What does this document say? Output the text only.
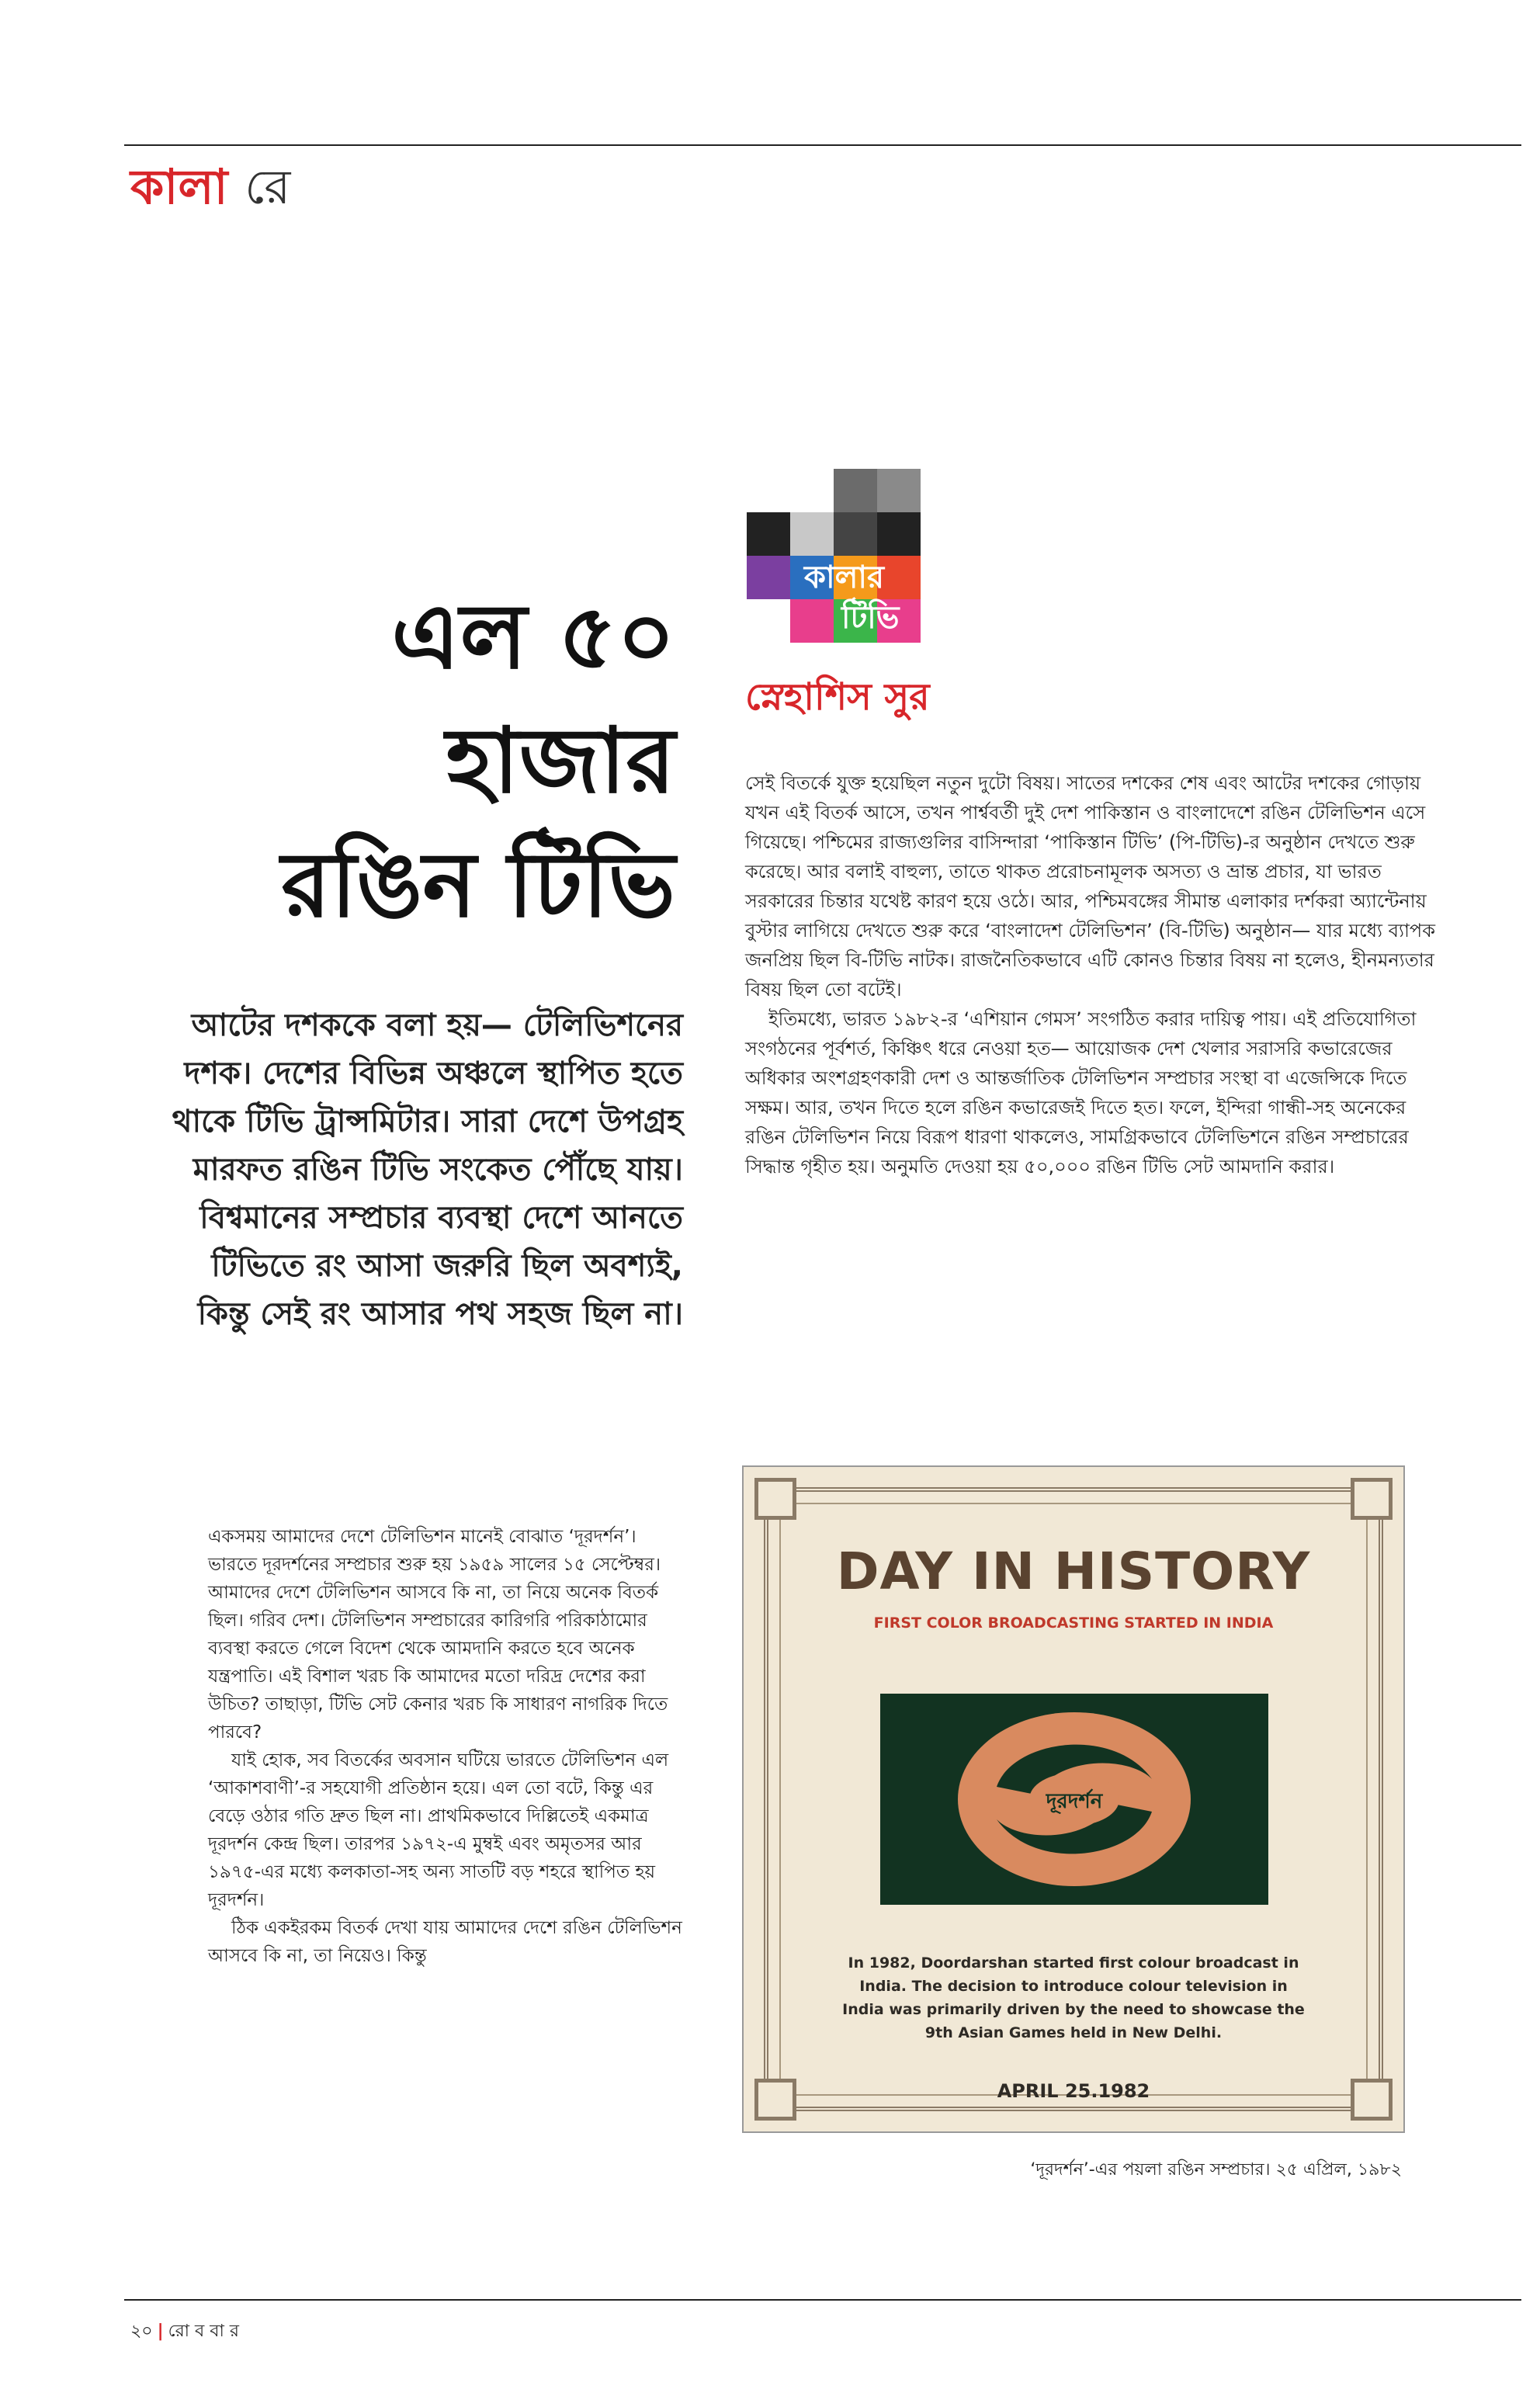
কালা রে
কালার
টিভি
এল ৫০
হাজার
রঙিন টিভি
আটের দশককে বলা হয়— টেলিভিশনের দশক। দেশের বিভিন্ন অঞ্চলে স্থাপিত হতে থাকে টিভি ট্রান্সমিটার। সারা দেশে উপগ্রহ মারফত রঙিন টিভি সংকেত পৌঁছে যায়। বিশ্বমানের সম্প্রচার ব্যবস্থা দেশে আনতে টিভিতে রং আসা জরুরি ছিল অবশ্যই, কিন্তু সেই রং আসার পথ সহজ ছিল না।
স্নেহাশিস সুর

সেই বিতর্কে যুক্ত হয়েছিল নতুন দুটো বিষয়। সাতের দশকের শেষ এবং আটের দশকের গোড়ায় যখন এই বিতর্ক আসে, তখন পার্শ্ববর্তী দুই দেশ পাকিস্তান ও বাংলাদেশে রঙিন টেলিভিশন এসে গিয়েছে। পশ্চিমের রাজ্যগুলির বাসিন্দারা ‘পাকিস্তান টিভি’ (পি-টিভি)-র অনুষ্ঠান দেখতে শুরু করেছে। আর বলাই বাহুল্য, তাতে থাকত প্ররোচনামূলক অসত্য ও ভ্রান্ত প্রচার, যা ভারত সরকারের চিন্তার যথেষ্ট কারণ হয়ে ওঠে। আর, পশ্চিমবঙ্গের সীমান্ত এলাকার দর্শকরা অ্যান্টেনায় বুস্টার লাগিয়ে দেখতে শুরু করে ‘বাংলাদেশ টেলিভিশন’ (বি-টিভি) অনুষ্ঠান— যার মধ্যে ব্যাপক জনপ্রিয় ছিল বি-টিভি নাটক। রাজনৈতিকভাবে এটি কোনও চিন্তার বিষয় না হলেও, হীনমন্যতার বিষয় ছিল তো বটেই।

ইতিমধ্যে, ভারত ১৯৮২-র ‘এশিয়ান গেমস’ সংগঠিত করার দায়িত্ব পায়। এই প্রতিযোগিতা সংগঠনের পূর্বশর্ত, কিঞ্চিৎ ধরে নেওয়া হত— আয়োজক দেশ খেলার সরাসরি কভারেজের অধিকার অংশগ্রহণকারী দেশ ও আন্তর্জাতিক টেলিভিশন সম্প্রচার সংস্থা বা এজেন্সিকে দিতে সক্ষম। আর, তখন দিতে হলে রঙিন কভারেজই দিতে হত। ফলে, ইন্দিরা গান্ধী-সহ অনেকের রঙিন টেলিভিশন নিয়ে বিরূপ ধারণা থাকলেও, সামগ্রিকভাবে টেলিভিশনে রঙিন সম্প্রচারের সিদ্ধান্ত গৃহীত হয়। অনুমতি দেওয়া হয় ৫০,০০০ রঙিন টিভি সেট আমদানি করার।

একসময় আমাদের দেশে টেলিভিশন মানেই বোঝাত ‘দূরদর্শন’। ভারতে দূরদর্শনের সম্প্রচার শুরু হয় ১৯৫৯ সালের ১৫ সেপ্টেম্বর। আমাদের দেশে টেলিভিশন আসবে কি না, তা নিয়ে অনেক বিতর্ক ছিল। গরিব দেশ। টেলিভিশন সম্প্রচারের কারিগরি পরিকাঠামোর ব্যবস্থা করতে গেলে বিদেশ থেকে আমদানি করতে হবে অনেক যন্ত্রপাতি। এই বিশাল খরচ কি আমাদের মতো দরিদ্র দেশের করা উচিত? তাছাড়া, টিভি সেট কেনার খরচ কি সাধারণ নাগরিক দিতে পারবে?

যাই হোক, সব বিতর্কের অবসান ঘটিয়ে ভারতে টেলিভিশন এল ‘আকাশবাণী’-র সহযোগী প্রতিষ্ঠান হয়ে। এল তো বটে, কিন্তু এর বেড়ে ওঠার গতি দ্রুত ছিল না। প্রাথমিকভাবে দিল্লিতেই একমাত্র দূরদর্শন কেন্দ্র ছিল। তারপর ১৯৭২-এ মুম্বই এবং অমৃতসর আর ১৯৭৫-এর মধ্যে কলকাতা-সহ অন্য সাতটি বড় শহরে স্থাপিত হয় দূরদর্শন।

ঠিক একইরকম বিতর্ক দেখা যায় আমাদের দেশে রঙিন টেলিভিশন আসবে কি না, তা নিয়েও। কিন্তু

DAY IN HISTORY
FIRST COLOR BROADCASTING STARTED IN INDIA
দূরদর্শন
In 1982, Doordarshan started first colour broadcast in India. The decision to introduce colour television in India was primarily driven by the need to showcase the 9th Asian Games held in New Delhi.
APRIL 25.1982
‘দূরদর্শন’-এর পয়লা রঙিন সম্প্রচার। ২৫ এপ্রিল, ১৯৮২
২০ | রো ব বা র
